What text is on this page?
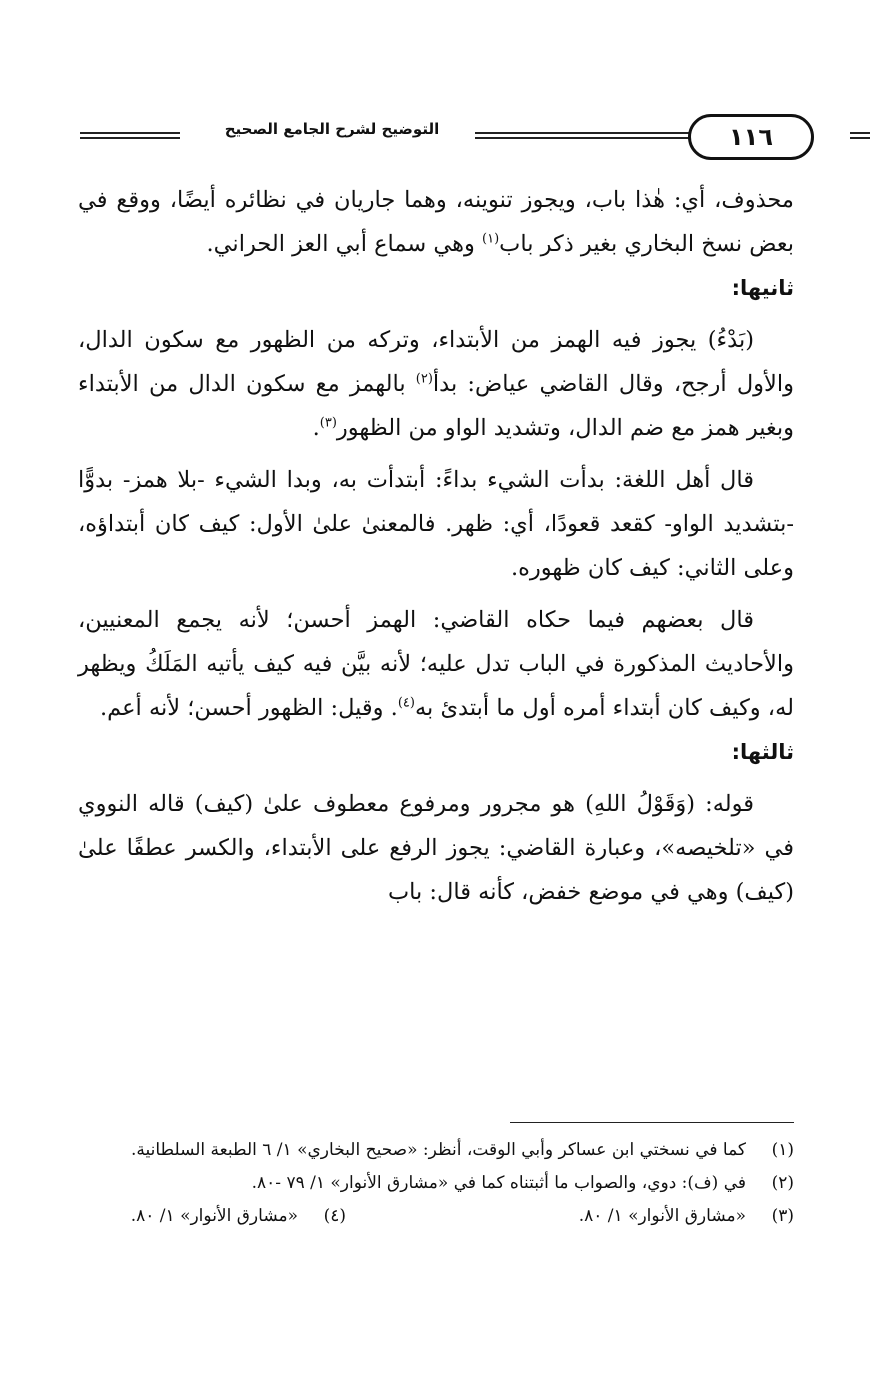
التوضيح لشرح الجامع الصحيح	١١٦

محذوف، أي: هٰذا باب، ويجوز تنوينه، وهما جاريان في نظائره أيضًا، ووقع في بعض نسخ البخاري بغير ذكر باب$^{(١)}$ وهي سماع أبي العز الحراني.

ثانيها:

(بَدْءُ) يجوز فيه الهمز من الأبتداء، وتركه من الظهور مع سكون الدال، والأول أرجح، وقال القاضي عياض: بدأ$^{(٢)}$ بالهمز مع سكون الدال من الأبتداء وبغير همز مع ضم الدال، وتشديد الواو من الظهور$^{(٣)}$.

قال أهل اللغة: بدأت الشيء بداءً: أبتدأت به، وبدا الشيء -بلا همز- بدوًّا -بتشديد الواو- كقعد قعودًا، أي: ظهر. فالمعنىٰ علىٰ الأول: كيف كان أبتداؤه، وعلى الثاني: كيف كان ظهوره.

قال بعضهم فيما حكاه القاضي: الهمز أحسن؛ لأنه يجمع المعنيين، والأحاديث المذكورة في الباب تدل عليه؛ لأنه بيَّن فيه كيف يأتيه المَلَكُ ويظهر له، وكيف كان أبتداء أمره أول ما أبتدئ به$^{(٤)}$. وقيل: الظهور أحسن؛ لأنه أعم.

ثالثها:

قوله: (وَقَوْلُ اللهِ) هو مجرور ومرفوع معطوف علىٰ (كيف) قاله النووي في «تلخيصه»، وعبارة القاضي: يجوز الرفع على الأبتداء، والكسر عطفًا علىٰ (كيف) وهي في موضع خفض، كأنه قال: باب

(١)كما في نسختي ابن عساكر وأبي الوقت، أنظر: «صحيح البخاري» ١/ ٦ الطبعة السلطانية.
(٢)في (ف): دوي، والصواب ما أثبتناه كما في «مشارق الأنوار» ١/ ٧٩ -٨٠.
(٣)«مشارق الأنوار» ١/ ٨٠.
(٤)«مشارق الأنوار» ١/ ٨٠.
